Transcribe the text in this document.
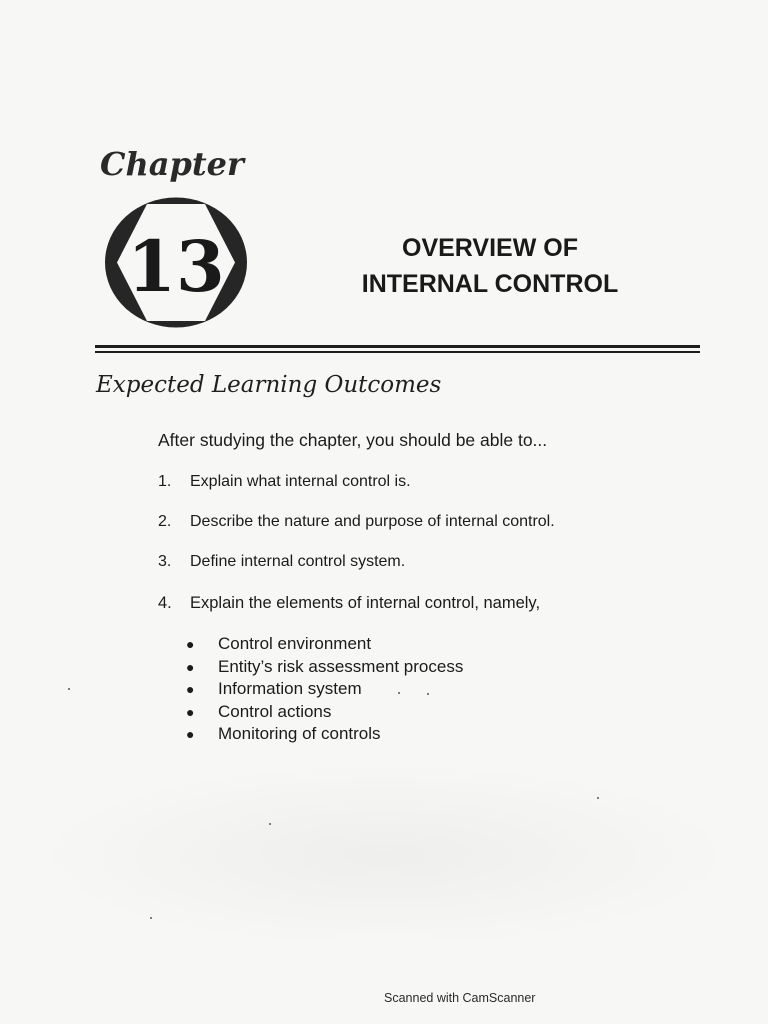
Chapter
13	OVERVIEW OF
INTERNAL CONTROL
Expected Learning Outcomes
After studying the chapter, you should be able to...
1. Explain what internal control is.
2. Describe the nature and purpose of internal control.
3. Define internal control system.
4. Explain the elements of internal control, namely,
● Control environment
● Entity’s risk assessment process
● Information system
● Control actions
● Monitoring of controls
Scanned with CamScanner
